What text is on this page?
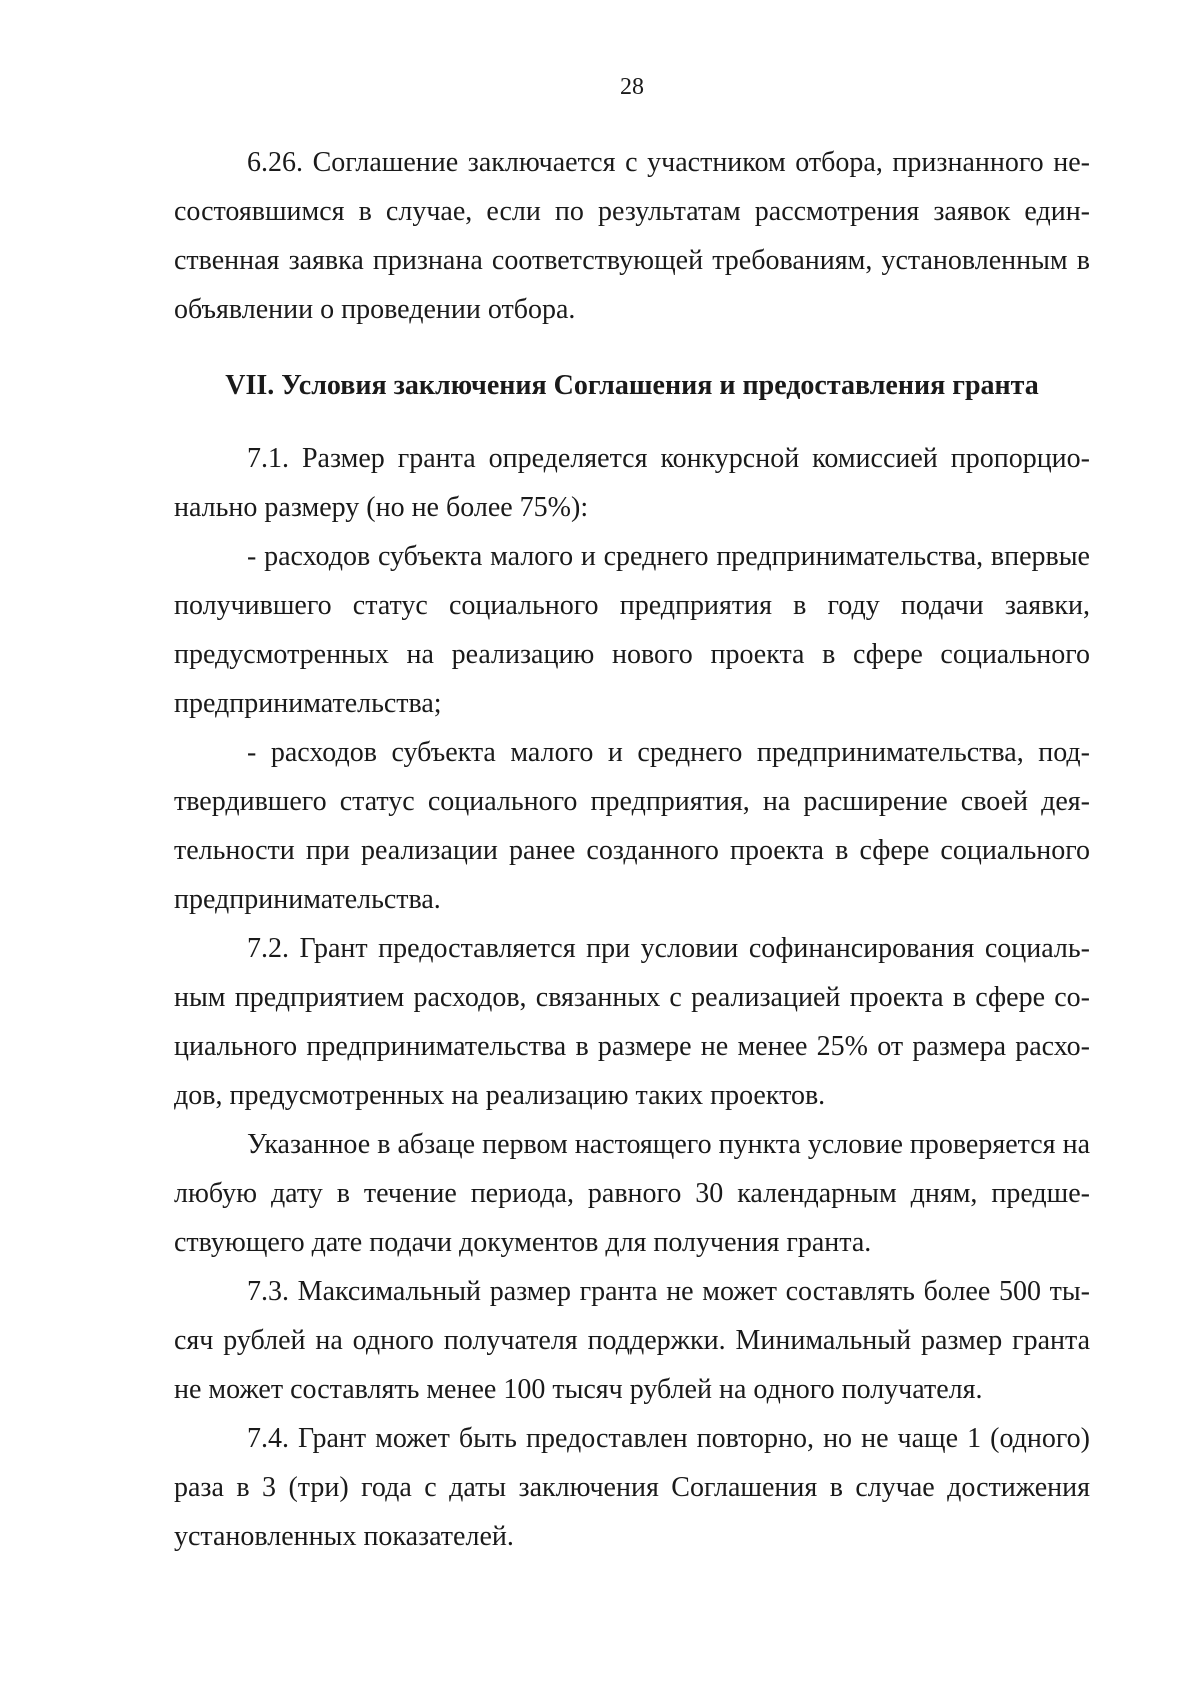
28

6.26. Соглашение заключается с участником отбора, признанного несостоявшимся в случае, если по результатам рассмотрения заявок единственная заявка признана соответствующей требованиям, установленным в объявлении о проведении отбора.

VII. Условия заключения Соглашения и предоставления гранта

7.1. Размер гранта определяется конкурсной комиссией пропорционально размеру (но не более 75%):

- расходов субъекта малого и среднего предпринимательства, впервые получившего статус социального предприятия в году подачи заявки, предусмотренных на реализацию нового проекта в сфере социального предпринимательства;

- расходов субъекта малого и среднего предпринимательства, подтвердившего статус социального предприятия, на расширение своей деятельности при реализации ранее созданного проекта в сфере социального предпринимательства.

7.2. Грант предоставляется при условии софинансирования социальным предприятием расходов, связанных с реализацией проекта в сфере социального предпринимательства в размере не менее 25% от размера расходов, предусмотренных на реализацию таких проектов.

Указанное в абзаце первом настоящего пункта условие проверяется на любую дату в течение периода, равного 30 календарным дням, предшествующего дате подачи документов для получения гранта.

7.3. Максимальный размер гранта не может составлять более 500 тысяч рублей на одного получателя поддержки. Минимальный размер гранта не может составлять менее 100 тысяч рублей на одного получателя.

7.4. Грант может быть предоставлен повторно, но не чаще 1 (одного) раза в 3 (три) года с даты заключения Соглашения в случае достижения установленных показателей.
